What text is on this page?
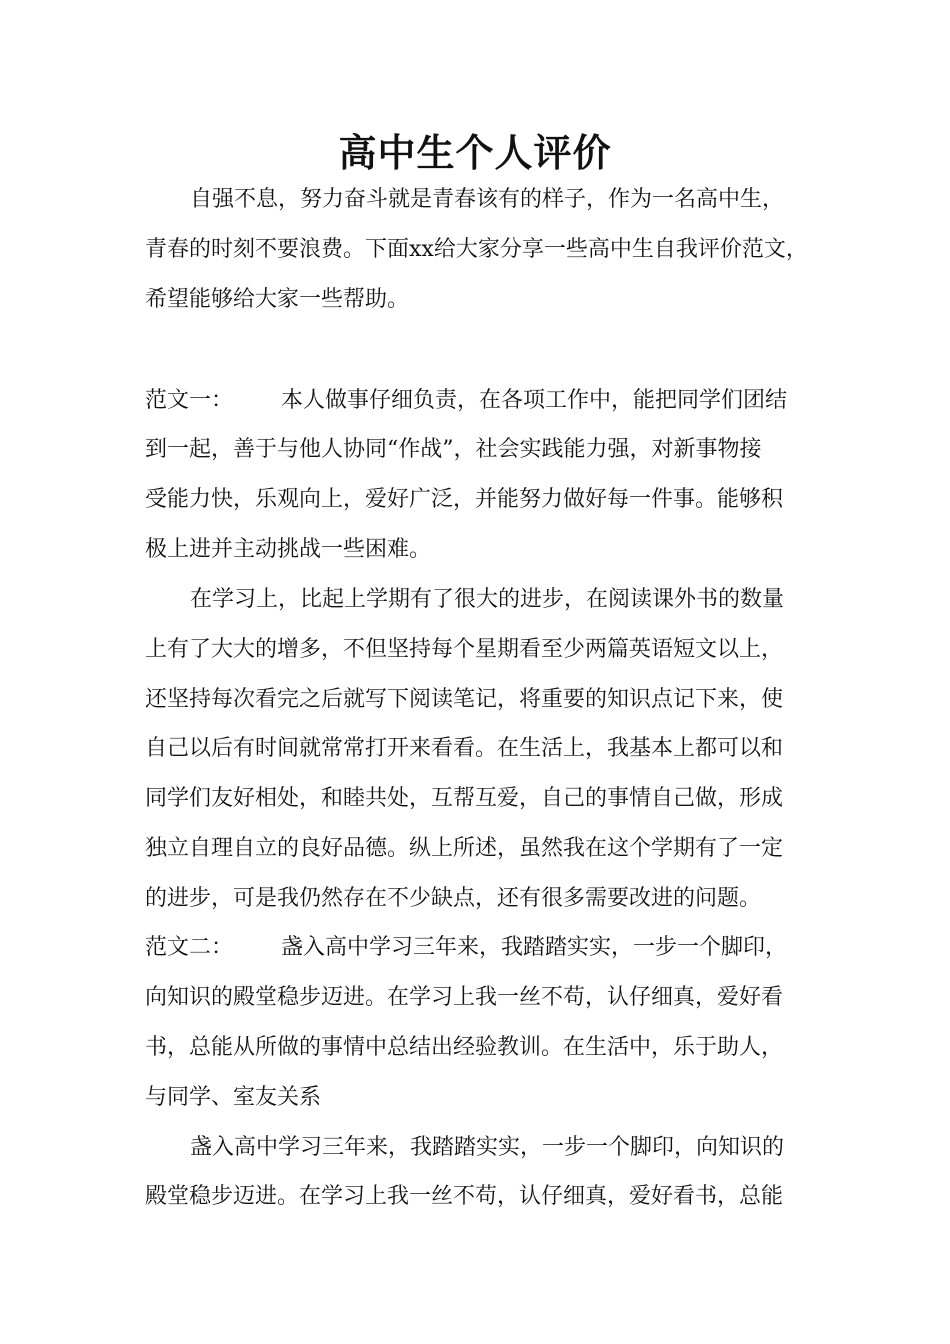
高中生个人评价

自强不息，努力奋斗就是青春该有的样子，作为一名高中生，

青春的时刻不要浪费。下面xx给大家分享一些高中生自我评价范文，

希望能够给大家一些帮助。

范文一： 本人做事仔细负责，在各项工作中，能把同学们团结

到一起，善于与他人协同“作战”，社会实践能力强，对新事物接

受能力快，乐观向上，爱好广泛，并能努力做好每一件事。能够积

极上进并主动挑战一些困难。

在学习上，比起上学期有了很大的进步，在阅读课外书的数量

上有了大大的增多，不但坚持每个星期看至少两篇英语短文以上，

还坚持每次看完之后就写下阅读笔记，将重要的知识点记下来，使

自己以后有时间就常常打开来看看。在生活上，我基本上都可以和

同学们友好相处，和睦共处，互帮互爱，自己的事情自己做，形成

独立自理自立的良好品德。纵上所述，虽然我在这个学期有了一定

的进步，可是我仍然存在不少缺点，还有很多需要改进的问题。

范文二： 盏入高中学习三年来，我踏踏实实，一步一个脚印，

向知识的殿堂稳步迈进。在学习上我一丝不苟，认仔细真，爱好看

书，总能从所做的事情中总结出经验教训。在生活中，乐于助人，

与同学、室友关系

盏入高中学习三年来，我踏踏实实，一步一个脚印，向知识的

殿堂稳步迈进。在学习上我一丝不苟，认仔细真，爱好看书，总能
